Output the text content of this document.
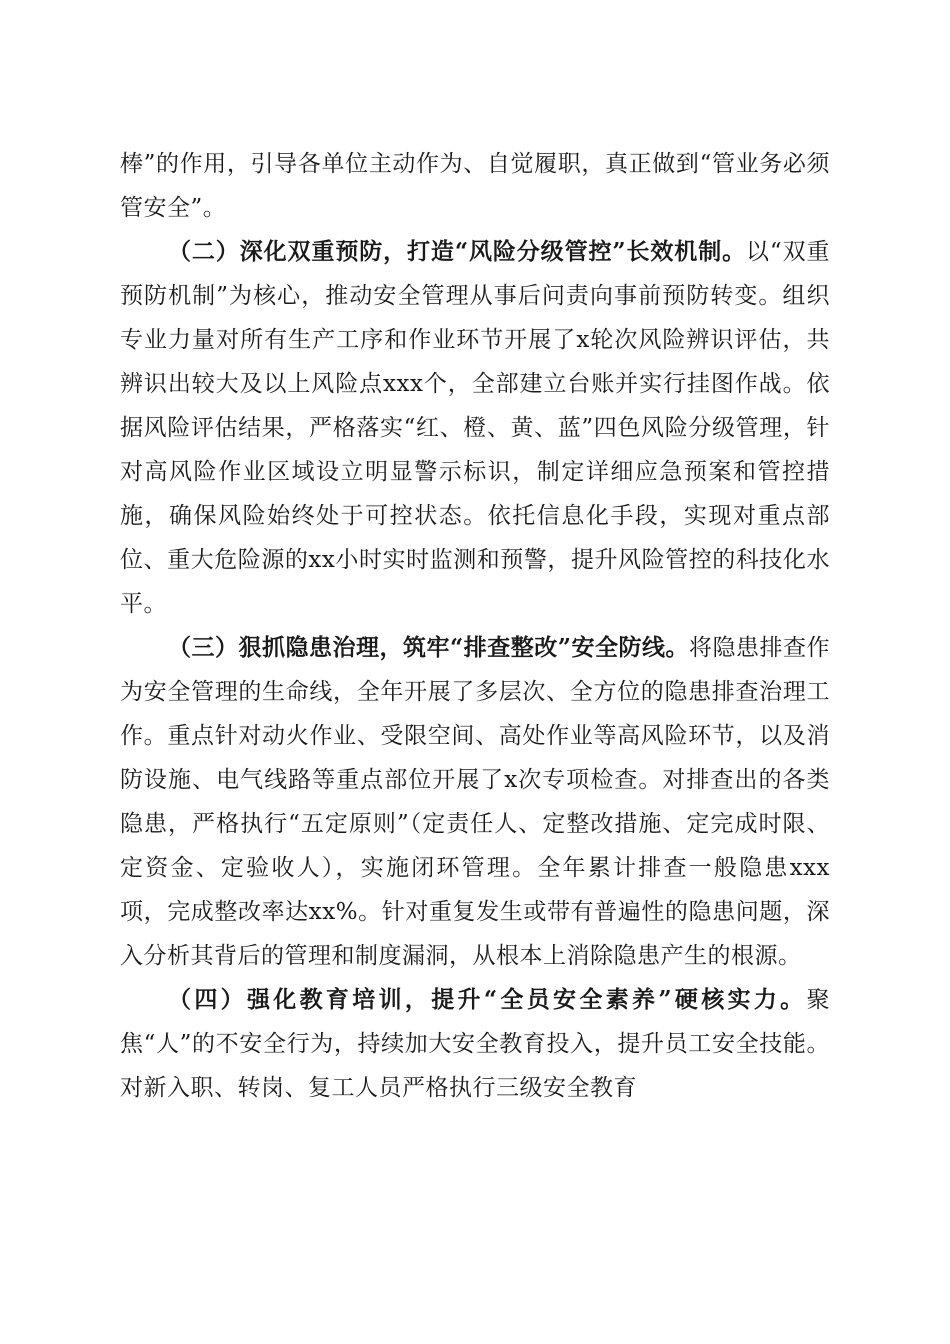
棒”的作用，引导各单位主动作为、自觉履职，真正做到“管业务必须管安全”。

（二）深化双重预防，打造“风险分级管控”长效机制。以“双重预防机制”为核心，推动安全管理从事后问责向事前预防转变。组织专业力量对所有生产工序和作业环节开展了x轮次风险辨识评估，共辨识出较大及以上风险点xxx个，全部建立台账并实行挂图作战。依据风险评估结果，严格落实“红、橙、黄、蓝”四色风险分级管理，针对高风险作业区域设立明显警示标识，制定详细应急预案和管控措施，确保风险始终处于可控状态。依托信息化手段，实现对重点部位、重大危险源的xx小时实时监测和预警，提升风险管控的科技化水平。

（三）狠抓隐患治理，筑牢“排查整改”安全防线。将隐患排查作为安全管理的生命线，全年开展了多层次、全方位的隐患排查治理工作。重点针对动火作业、受限空间、高处作业等高风险环节，以及消防设施、电气线路等重点部位开展了x次专项检查。对排查出的各类隐患，严格执行“五定原则”（定责任人、定整改措施、定完成时限、定资金、定验收人），实施闭环管理。全年累计排查一般隐患xxx项，完成整改率达xx%。针对重复发生或带有普遍性的隐患问题，深入分析其背后的管理和制度漏洞，从根本上消除隐患产生的根源。

（四）强化教育培训，提升“全员安全素养”硬核实力。聚焦“人”的不安全行为，持续加大安全教育投入，提升员工安全技能。对新入职、转岗、复工人员严格执行三级安全教育
